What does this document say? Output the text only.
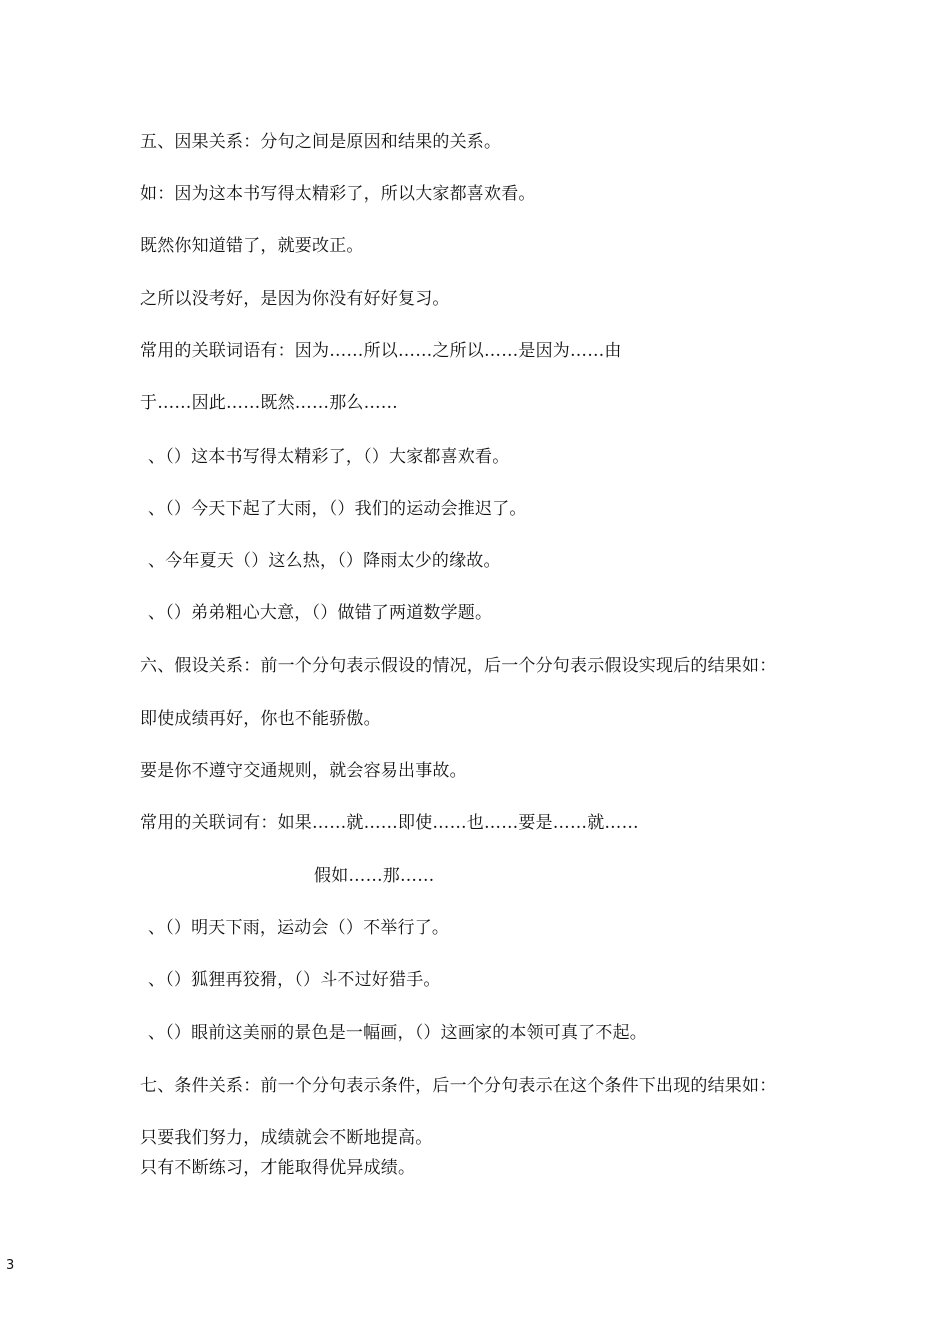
五、因果关系：分句之间是原因和结果的关系。
如：因为这本书写得太精彩了，所以大家都喜欢看。
既然你知道错了，就要改正。
之所以没考好，是因为你没有好好复习。
常用的关联词语有：因为……所以……之所以……是因为……由
于……因此……既然……那么……
、（）这本书写得太精彩了，（）大家都喜欢看。
、（）今天下起了大雨，（）我们的运动会推迟了。
、今年夏天（）这么热，（）降雨太少的缘故。
、（）弟弟粗心大意，（）做错了两道数学题。
六、假设关系：前一个分句表示假设的情况，后一个分句表示假设实现后的结果如：
即使成绩再好，你也不能骄傲。
要是你不遵守交通规则，就会容易出事故。
常用的关联词有：如果……就……即使……也……要是……就……
假如……那……
、（）明天下雨，运动会（）不举行了。
、（）狐狸再狡猾，（）斗不过好猎手。
、（）眼前这美丽的景色是一幅画，（）这画家的本领可真了不起。
七、条件关系：前一个分句表示条件，后一个分句表示在这个条件下出现的结果如：
只要我们努力，成绩就会不断地提高。
只有不断练习，才能取得优异成绩。
3
